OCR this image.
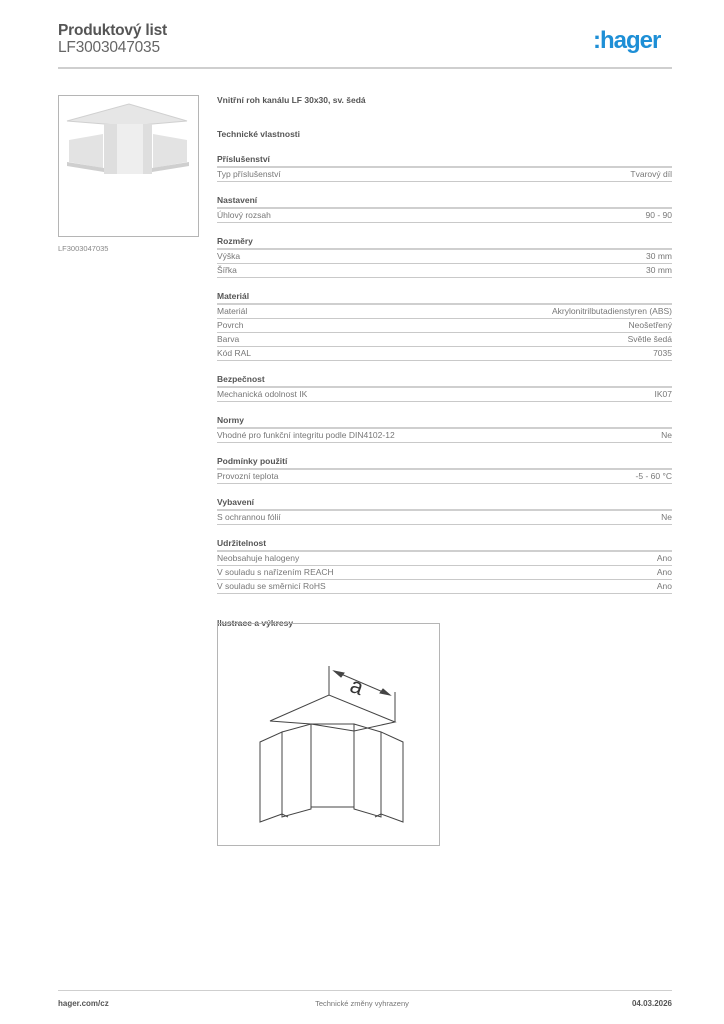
Produktový list
LF3003047035	:hager
LF3003047035
Vnitřní roh kanálu LF 30x30, sv. šedá
Technické vlastnosti
Příslušenství
Typ příslušenství	Tvarový díl
Nastavení
Úhlový rozsah	90 - 90
Rozměry
Výška	30 mm
Šířka	30 mm
Materiál
Materiál	Akrylonitrilbutadienstyren (ABS)
Povrch	Neošetřený
Barva	Světle šedá
Kód RAL	7035
Bezpečnost
Mechanická odolnost IK	IK07
Normy
Vhodné pro funkční integritu podle DIN4102-12	Ne
Podmínky použití
Provozní teplota	-5 - 60 °C
Vybavení
S ochrannou fólií	Ne
Udržitelnost
Neobsahuje halogeny	Ano
V souladu s nařízením REACH	Ano
V souladu se směrnicí RoHS	Ano
Ilustrace a výkresy
a
hager.com/cz	Technické změny vyhrazeny	04.03.2026
